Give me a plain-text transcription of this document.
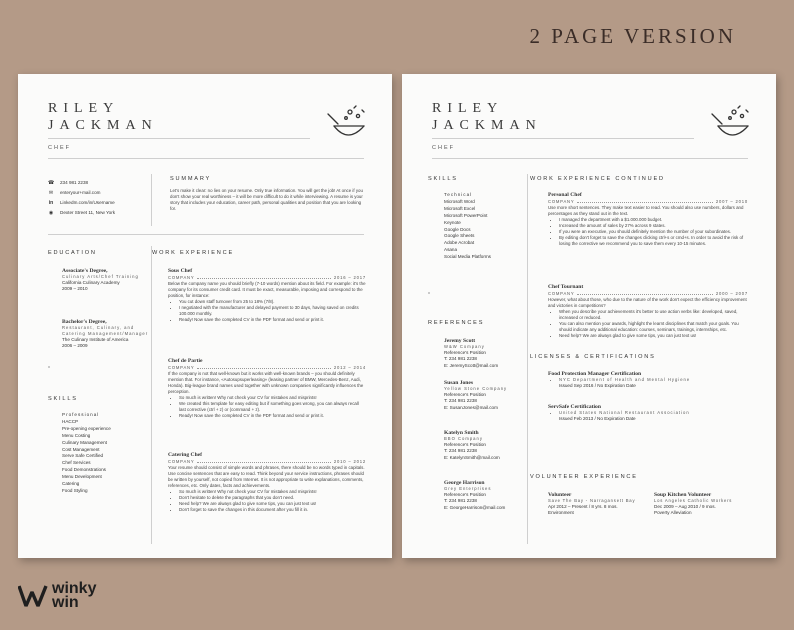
2 PAGE VERSION
RILEY
JACKMAN
CHEF
☎ 234 981 2238
✉ enteryour+mail.com
in LinkedIn.com/in/Username
◉ Dexter Street 11, New York
SUMMARY
Let's make it clear: no lies on your resume. Only true information. You will get the job! At once if you don't show your real worthiness – it will be more difficult to do it while interviewing. A resume is your story that includes your education, career path, personal qualities and position that you are looking for.
EDUCATION
Associate's Degree,
Culinary Arts/Chef Training
California Culinary Academy
2009 – 2010
Bachelor's Degree,
Restaurant, Culinary, and Catering Management/Manager
The Culinary Institute of America
2006 – 2009
SKILLS
Professional
HACCP
Pre-opening experience
Menu Costing
Culinary Management
Cost Management
Serve Safe Certified
Chef Services
Food Demonstrations
Menu Development
Catering
Food Styling
WORK EXPERIENCE
Sous Chef
COMPANY	2016 – 2017
Below the company name you should briefly (7-10 words) mention about its field. For example: it's the company for its consumer credit card. It must be exact, measurable, imposing and correspond to the position, for instance:
• You cut down staff turnover from 25 to 18% (7/8).
• I negotiated with the manufacturer and delayed payment to 30 days, having saved on credits 100.000 monthly.
• Ready! Now save the completed CV in the PDF format and send or print it.
Chef de Partie
COMPANY	2012 – 2014
If the company is not that well-known but it works with well-known brands – you should definitely mention that. For instance, «Autosupsuperleasing» (leasing partner of BMW, Mercedes-Benz, Audi, Honda). Big-league brand names used together with unknown companies significantly influences the perception.
• So much is written! Why not check your CV for mistakes and misprints!
• We created this template for easy editing but if something goes wrong, you can always recall last corrective (ctrl + z) or (command + z).
• Ready! Now save the completed CV in the PDF format and send or print it.
Catering Chef
COMPANY	2010 – 2012
Your resume should consist of simple words and phrases, there should be no words typed in capitals. Use concise sentences that are easy to read. Think beyond your service instructions, phrases should be written by yourself, not copied from Internet. It is not appropriate to write explanations, comments, references, etc. Only dates, facts and achievements.
• So much is written! Why not check your CV for mistakes and misprints!
• Don't hesitate to delete the paragraphs that you don't need.
• Need help? We are always glad to give some tips, you can just text us!
• Don't forget to save the changes in this document after you fill it in.
RILEY
JACKMAN
CHEF
SKILLS
Technical
Microsoft Word
Microsoft Excel
Microsoft PowerPoint
Keynote
Google Docs
Google Sheets
Adobe Acrobat
Asana
Social Media Platforms
REFERENCES
Jeremy Scott
W&W Company
Reference's Position
T: 234 981 2238
E: JeremyScott@mail.com
Susan Jones
Yellow Stone Company
Reference's Position
T: 234 981 2238
E: SusanJones@mail.com
Katelyn Smith
BBO Company
Reference's Position
T: 234 981 2238
E: KatelynSmith@mail.com
George Harrison
Grey Enterprises
Reference's Position
T: 234 981 2238
E: GeorgeHarrison@mail.com
WORK EXPERIENCE CONTINUED
Personal Chef
COMPANY	2007 – 2010
Use more short sentences. They make text easier to read. You should also use numbers, dollars and percentages as they stand out in the text.
• I managed the department with a $1.000.000 budget.
• Increased the amount of sales by 27% across 9 states.
• If you were an executive, you should definitely mention the number of your subordinates.
• By editing don't forget to save the changes clicking ctrl+s or cmd+s. In order to avoid the risk of losing the corrective we recommend you to save them every 10-15 minutes.
Chef Tournant
COMPANY	2000 – 2007
However, what about those, who due to the nature of the work don't expect the efficiency improvement and victories in competitions?
• When you describe your achievements it's better to use action verbs like: developed, saved, increased or reduced.
• You can also mention your awards, highlight the learnt disciplines that match your goals. You should indicate any additional education: courses, seminars, trainings, internships, etc.
• Need help? We are always glad to give some tips, you can just text us!
LICENSES & CERTIFICATIONS
Food Protection Manager Certification
• NYC Department of Health and Mental Hygiene
Issued Sep 2016 / No Expiration Date
ServSafe Certification
• United States National Restaurant Association
Issued Feb 2013 / No Expiration Date
VOLUNTEER EXPERIENCE
Volunteer
Save The Bay - Narragansett Bay
Apr 2012 – Present / 8 yrs. 8 mos.
Environment
Soup Kitchen Volunteer
Los Angeles Catholic Workers
Dec 2009 – Aug 2010 / 9 mos.
Poverty Alleviation
winky
win
